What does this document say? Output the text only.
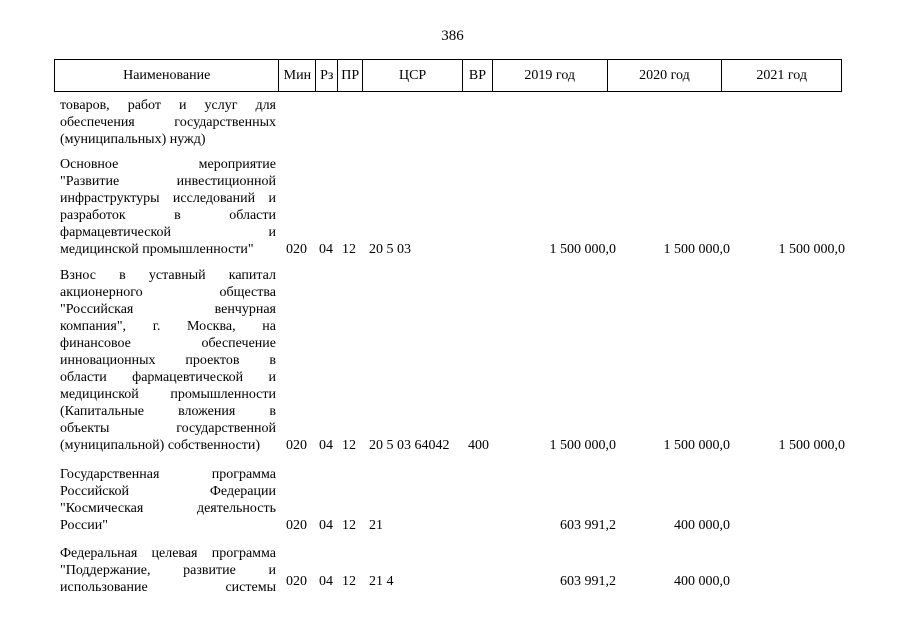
386
Наименование	Мин Рз ПР	ЦСР	ВР	2019 год	2020 год	2021 год
товаров, работ и услуг для
обеспечения государственных
(муниципальных) нужд)
Основное мероприятие
"Развитие инвестиционной
инфраструктуры исследований и
разработок в области
фармацевтической и
медицинской промышленности"	020 04 12 20 5 03	1 500 000,0	1 500 000,0	1 500 000,0
Взнос в уставный капитал
акционерного общества
"Российская венчурная
компания", г. Москва, на
финансовое обеспечение
инновационных проектов в
области фармацевтической и
медицинской промышленности
(Капитальные вложения в
объекты государственной
(муниципальной) собственности)	020 04 12 20 5 03 64042 400	1 500 000,0	1 500 000,0	1 500 000,0
Государственная программа
Российской Федерации
"Космическая деятельность
России"	020 04 12 21	603 991,2	400 000,0
Федеральная целевая программа
"Поддержание, развитие и
использование системы 020 04 12 21 4	603 991,2	400 000,0
